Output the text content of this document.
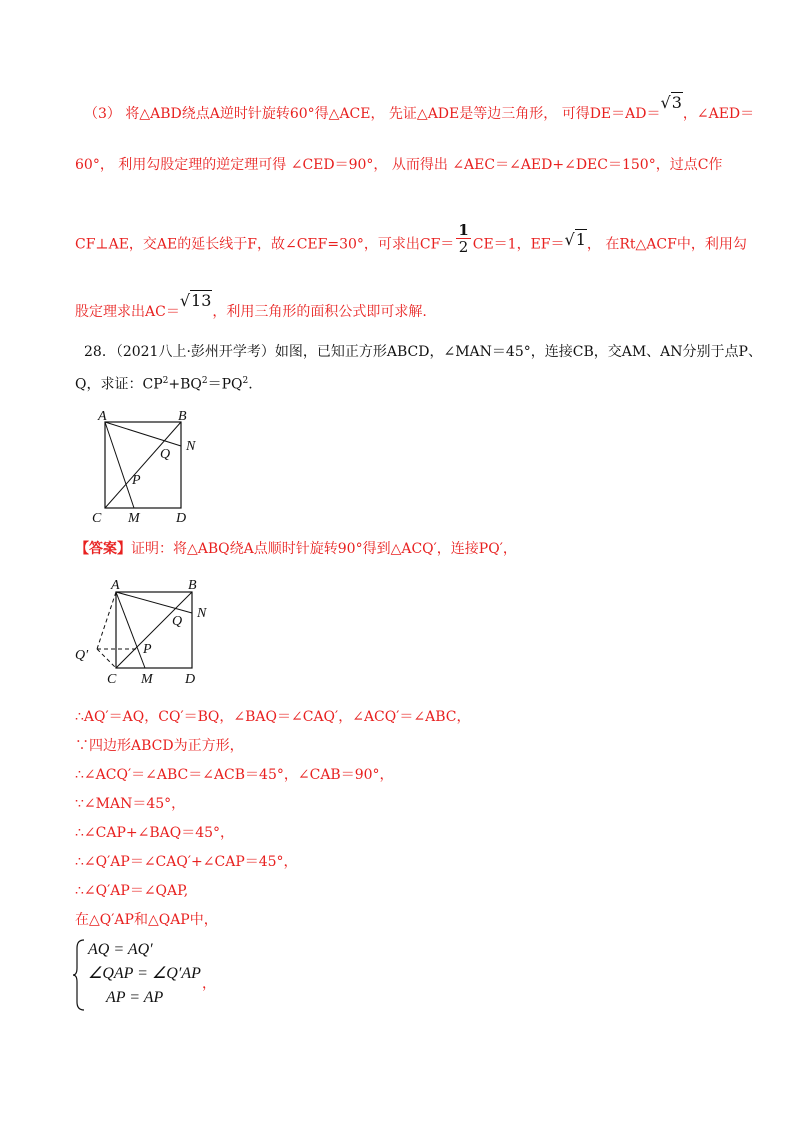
（3） 将△ABD绕点A逆时针旋转60°得△ACE， 先证△ADE是等边三角形， 可得DE＝AD＝√3，∠AED＝
60°， 利用勾股定理的逆定理可得 ∠CED＝90°， 从而得出 ∠AEC＝∠AED+∠DEC＝150°，过点C作
CF⊥AE，交AE的延长线于F，故∠CEF=30°，可求出$CF= \frac{1}{2} CE=1$，EF＝√1， 在Rt△ACF中，利用勾
股定理求出AC＝√13，利用三角形的面积公式即可求解.
28．（2021八上·彭州开学考）如图，已知正方形ABCD，∠MAN＝45°，连接CB，交AM、AN分别于点P、
Q，求证：$CP^2+BQ^2=PQ^2$.
A	B
N
Q
P
C M	D
【答案】证明：将△ABQ绕A点顺时针旋转90°得到△ACQ′，连接PQ′，
A	B
N
Q
Q′	P
C M D
∴AQ′＝AQ，CQ′＝BQ，∠BAQ＝∠CAQ′，∠ACQ′＝∠ABC，
∵四边形ABCD为正方形，
∴∠ACQ′＝∠ABC＝∠ACB＝45°，∠CAB＝90°，
∵∠MAN＝45°，
∴∠CAP+∠BAQ＝45°，
∴∠Q′AP＝∠CAQ′+∠CAP＝45°，
∴∠Q′AP＝∠QAP,
在△Q′AP和△QAP中，
AQ = AQ′
∠QAP = ∠Q′AP
AP = AP
，
